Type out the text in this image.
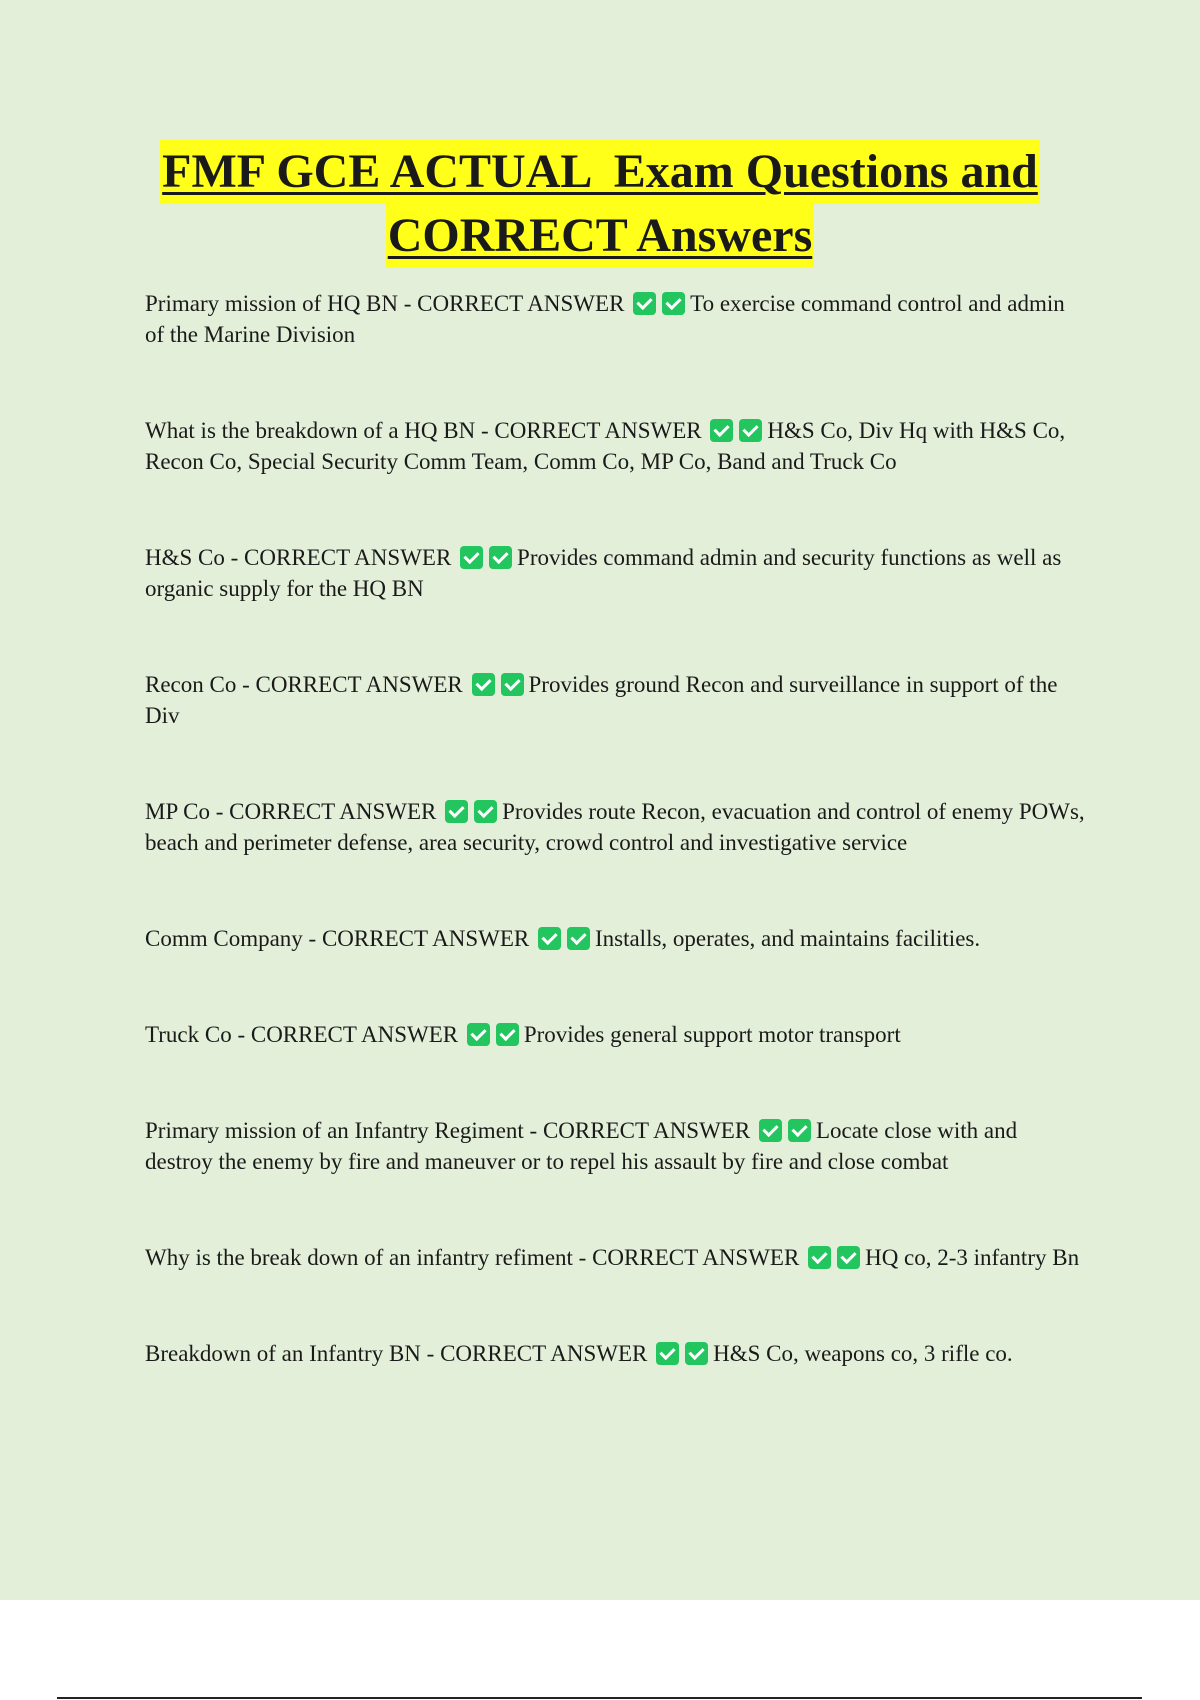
FMF GCE ACTUAL  Exam Questions and
CORRECT Answers

Primary mission of HQ BN - CORRECT ANSWER	To exercise command control and admin of the Marine Division

What is the breakdown of a HQ BN - CORRECT ANSWER	H&S Co, Div Hq with H&S Co, Recon Co, Special Security Comm Team, Comm Co, MP Co, Band and Truck Co

H&S Co - CORRECT ANSWER	Provides command admin and security functions as well as organic supply for the HQ BN

Recon Co - CORRECT ANSWER	Provides ground Recon and surveillance in support of the Div

MP Co - CORRECT ANSWER	Provides route Recon, evacuation and control of enemy POWs, beach and perimeter defense, area security, crowd control and investigative service

Comm Company - CORRECT ANSWER	Installs, operates, and maintains facilities.

Truck Co - CORRECT ANSWER	Provides general support motor transport

Primary mission of an Infantry Regiment - CORRECT ANSWER	Locate close with and destroy the enemy by fire and maneuver or to repel his assault by fire and close combat

Why is the break down of an infantry refiment - CORRECT ANSWER	HQ co, 2-3 infantry Bn

Breakdown of an Infantry BN - CORRECT ANSWER	H&S Co, weapons co, 3 rifle co.
